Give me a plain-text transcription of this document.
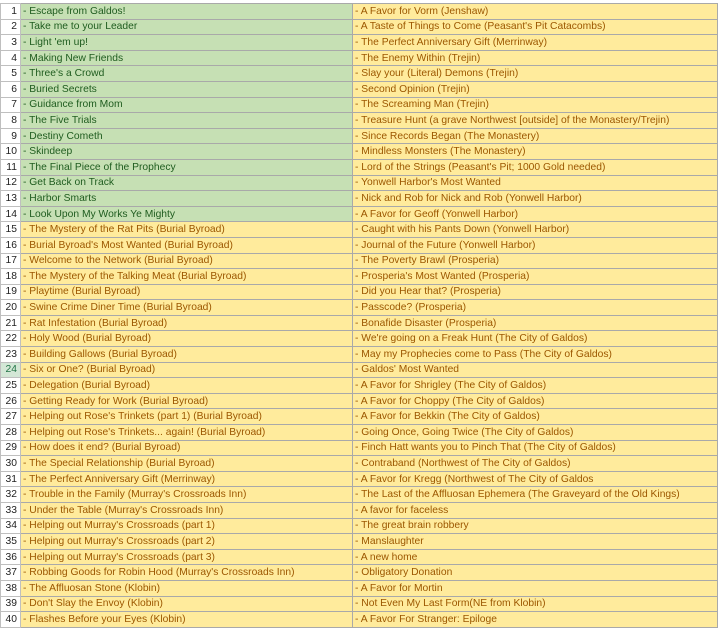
1	- Escape from Galdos!	- A Favor for Vorm (Jenshaw)
2	- Take me to your Leader	- A Taste of Things to Come (Peasant's Pit Catacombs)
3	- Light 'em up!	- The Perfect Anniversary Gift (Merrinway)
4	- Making New Friends	- The Enemy Within (Trejin)
5	- Three's a Crowd	- Slay your (Literal) Demons (Trejin)
6	- Buried Secrets	- Second Opinion (Trejin)
7	- Guidance from Mom	- The Screaming Man (Trejin)
8	- The Five Trials	- Treasure Hunt (a grave Northwest [outside] of the Monastery/Trejin)
9	- Destiny Cometh	- Since Records Began (The Monastery)
10	- Skindeep	- Mindless Monsters (The Monastery)
11	- The Final Piece of the Prophecy	- Lord of the Strings (Peasant's Pit; 1000 Gold needed)
12	- Get Back on Track	- Yonwell Harbor's Most Wanted
13	- Harbor Smarts	- Nick and Rob for Nick and Rob (Yonwell Harbor)
14	- Look Upon My Works Ye Mighty	- A Favor for Geoff (Yonwell Harbor)
15	- The Mystery of the Rat Pits (Burial Byroad)	- Caught with his Pants Down (Yonwell Harbor)
16	- Burial Byroad's Most Wanted (Burial Byroad)	- Journal of the Future (Yonwell Harbor)
17	- Welcome to the Network (Burial Byroad)	- The Poverty Brawl (Prosperia)
18	- The Mystery of the Talking Meat (Burial Byroad)	- Prosperia's Most Wanted (Prosperia)
19	- Playtime (Burial Byroad)	- Did you Hear that? (Prosperia)
20	- Swine Crime Diner Time (Burial Byroad)	- Passcode? (Prosperia)
21	- Rat Infestation (Burial Byroad)	- Bonafide Disaster (Prosperia)
22	- Holy Wood (Burial Byroad)	- We're going on a Freak Hunt (The City of Galdos)
23	- Building Gallows (Burial Byroad)	- May my Prophecies come to Pass (The City of Galdos)
24	- Six or One? (Burial Byroad)	- Galdos' Most Wanted
25	- Delegation (Burial Byroad)	- A Favor for Shrigley (The City of Galdos)
26	- Getting Ready for Work (Burial Byroad)	- A Favor for Choppy (The City of Galdos)
27	- Helping out Rose's Trinkets (part 1) (Burial Byroad)	- A Favor for Bekkin (The City of Galdos)
28	- Helping out Rose's Trinkets... again! (Burial Byroad)	- Going Once, Going Twice (The City of Galdos)
29	- How does it end? (Burial Byroad)	- Finch Hatt wants you to Pinch That (The City of Galdos)
30	- The Special Relationship (Burial Byroad)	- Contraband (Northwest of The City of Galdos)
31	- The Perfect Anniversary Gift (Merrinway)	- A Favor for Kregg (Northwest of The City of Galdos
32	- Trouble in the Family (Murray's Crossroads Inn)	- The Last of the Affluosan Ephemera (The Graveyard of the Old Kings)
33	- Under the Table (Murray's Crossroads Inn)	- A favor for faceless
34	- Helping out Murray's Crossroads (part 1)	- The great brain robbery
35	- Helping out Murray's Crossroads (part 2)	- Manslaughter
36	- Helping out Murray's Crossroads (part 3)	- A new home
37	- Robbing Goods for Robin Hood (Murray's Crossroads Inn)	- Obligatory Donation
38	- The Affluosan Stone (Klobin)	- A Favor for Mortin
39	- Don't Slay the Envoy (Klobin)	- Not Even My Last Form(NE from Klobin)
40	- Flashes Before your Eyes (Klobin)	- A Favor For Stranger: Epiloge
